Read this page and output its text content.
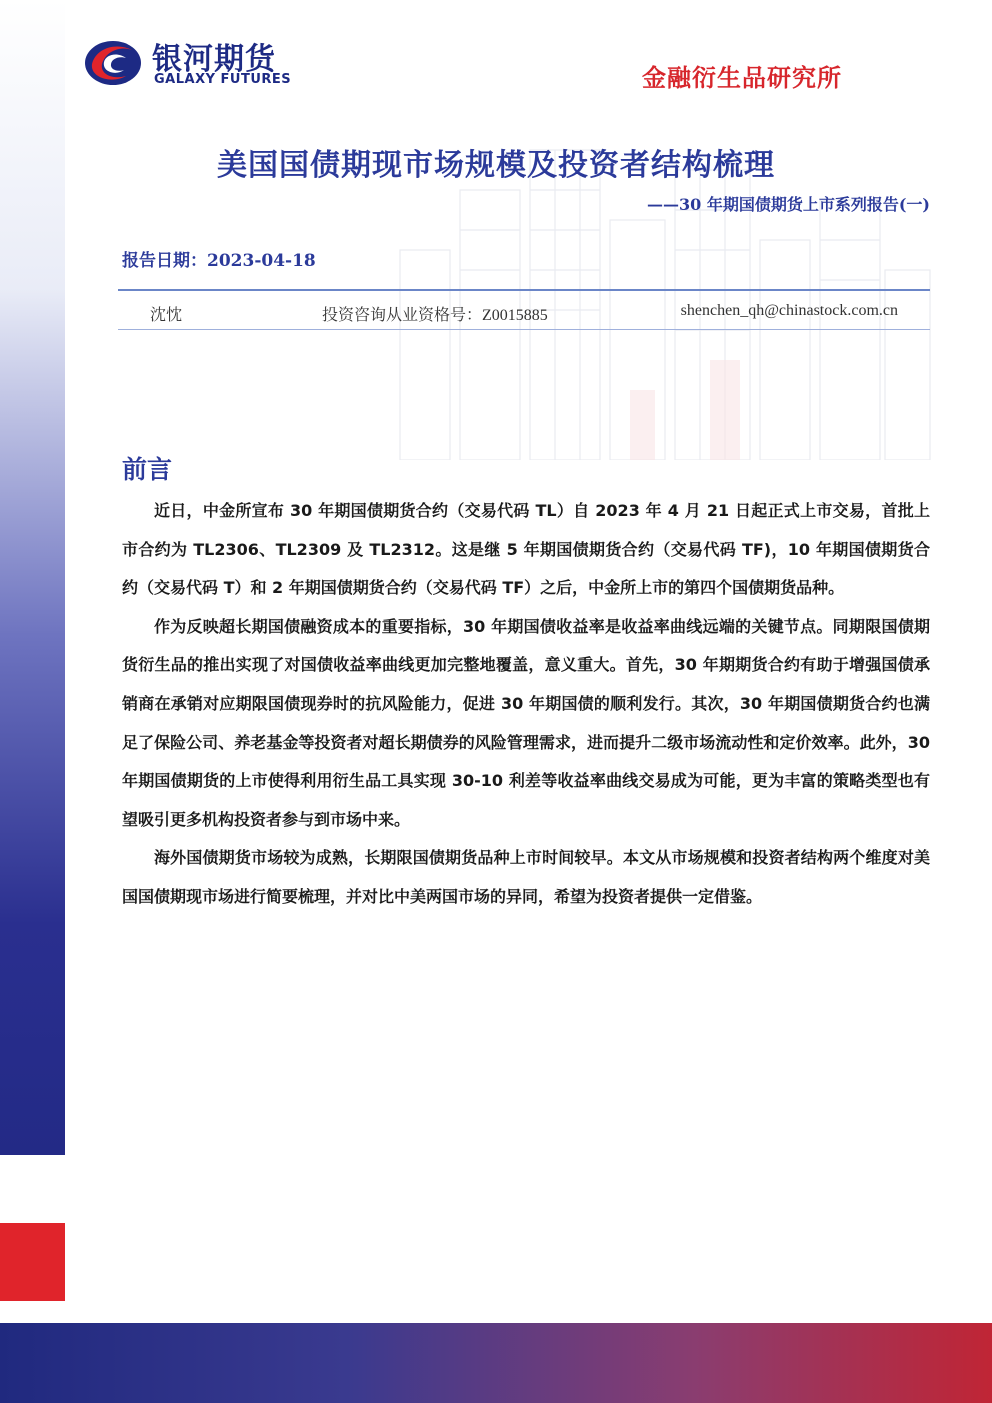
银河期货
GALAXY FUTURES	金融衍生品研究所
美国国债期现市场规模及投资者结构梳理
——30 年期国债期货上市系列报告(一)
报告日期：2023-04-18
沈忱	投资咨询从业资格号：Z0015885	shenchen_qh@chinastock.com.cn
前言

近日，中金所宣布 30 年期国债期货合约（交易代码 TL）自 2023 年 4 月 21 日起正式上市交易，首批上市合约为 TL2306、TL2309 及 TL2312。这是继 5 年期国债期货合约（交易代码 TF)，10 年期国债期货合约（交易代码 T）和 2 年期国债期货合约（交易代码 TF）之后，中金所上市的第四个国债期货品种。

作为反映超长期国债融资成本的重要指标，30 年期国债收益率是收益率曲线远端的关键节点。同期限国债期货衍生品的推出实现了对国债收益率曲线更加完整地覆盖，意义重大。首先，30 年期期货合约有助于增强国债承销商在承销对应期限国债现券时的抗风险能力，促进 30 年期国债的顺利发行。其次，30 年期国债期货合约也满足了保险公司、养老基金等投资者对超长期债券的风险管理需求，进而提升二级市场流动性和定价效率。此外，30 年期国债期货的上市使得利用衍生品工具实现 30-10 利差等收益率曲线交易成为可能，更为丰富的策略类型也有望吸引更多机构投资者参与到市场中来。

海外国债期货市场较为成熟，长期限国债期货品种上市时间较早。本文从市场规模和投资者结构两个维度对美国国债期现市场进行简要梳理，并对比中美两国市场的异同，希望为投资者提供一定借鉴。
